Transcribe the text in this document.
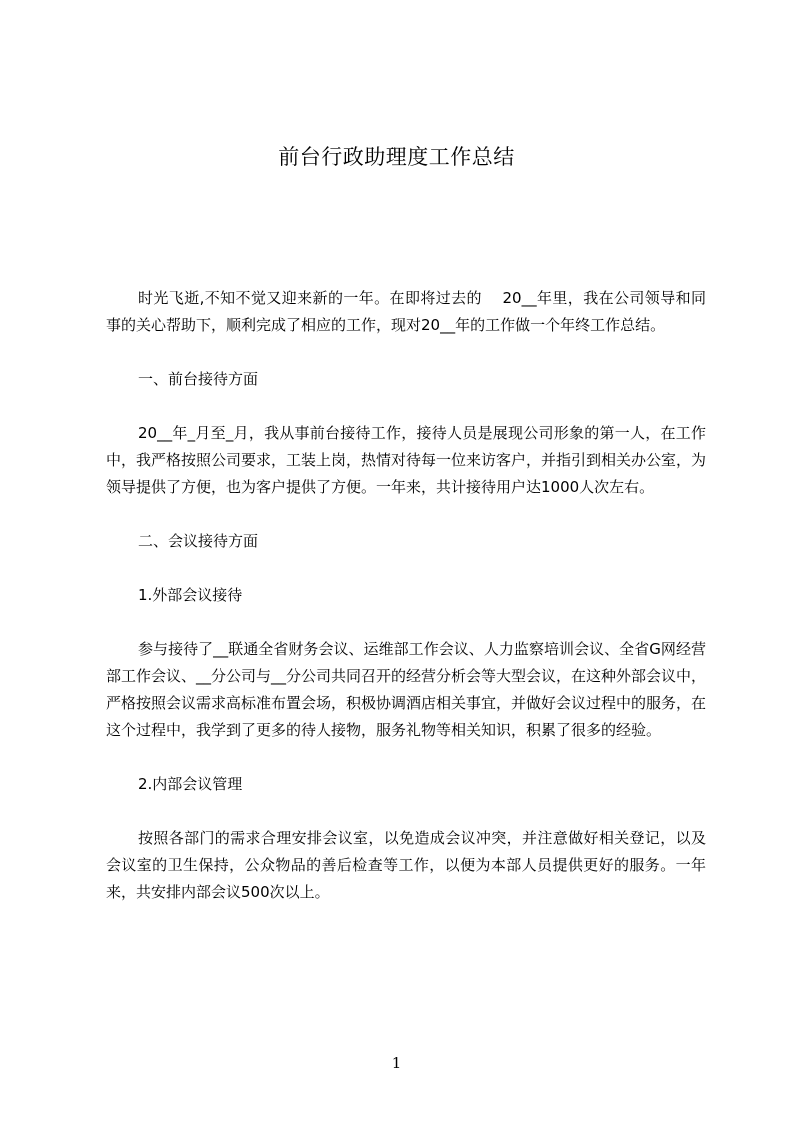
前台行政助理度工作总结

时光飞逝,不知不觉又迎来新的一年。在即将过去的　 20__年里，我在公司领导和同事的关心帮助下，顺利完成了相应的工作，现对20__年的工作做一个年终工作总结。

一、前台接待方面

20__年_月至_月，我从事前台接待工作，接待人员是展现公司形象的第一人，在工作中，我严格按照公司要求，工装上岗，热情对待每一位来访客户，并指引到相关办公室，为领导提供了方便，也为客户提供了方便。一年来，共计接待用户达1000人次左右。

二、会议接待方面

1.外部会议接待

参与接待了__联通全省财务会议、运维部工作会议、人力监察培训会议、全省G网经营部工作会议、__分公司与__分公司共同召开的经营分析会等大型会议，在这种外部会议中，严格按照会议需求高标准布置会场，积极协调酒店相关事宜，并做好会议过程中的服务，在这个过程中，我学到了更多的待人接物，服务礼物等相关知识，积累了很多的经验。

2.内部会议管理

按照各部门的需求合理安排会议室，以免造成会议冲突，并注意做好相关登记，以及会议室的卫生保持，公众物品的善后检查等工作，以便为本部人员提供更好的服务。一年来，共安排内部会议500次以上。

1
